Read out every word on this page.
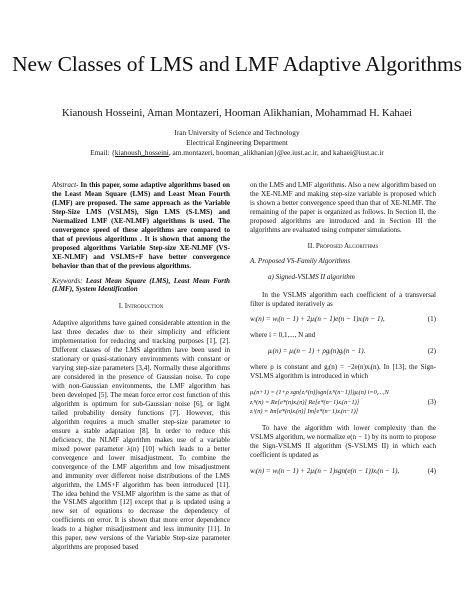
New Classes of LMS and LMF Adaptive Algorithms
Kianoush Hosseini, Aman Montazeri, Hooman Alikhanian, Mohammad H. Kahaei
Iran University of Science and Technology
Electrical Engineering Department
Email: {kianoush_hosseini, am.montazeri, hooman_alikhanian}@ee.iust.ac.ir, and kahaei@iust.ac.ir

Abstract- In this paper, some adaptive algorithms based on the Least Mean Square (LMS) and Least Mean Fourth (LMF) are proposed. The same approach as the Variable Step-Size LMS (VSLMS), Sign LMS (S-LMS) and Normalized LMF (XE-NLMF) algorithms is used. The convergence speed of these algorithms are compared to that of previous algorithms . It is shown that among the proposed algorithms Variable Step-size XE-NLMF (VS-XE-NLMF) and VSLMS+F have better convergence behavior than that of the previous algorithms.

Keywords: Least Mean Square (LMS), Least Mean Forth (LMF), System Identification

I. Introduction

Adaptive algorithms have gained considerable attention in the last three decades due to their simplicity and efficient implementation for reducing and tracking purposes [1], [2]. Different classes of the LMS algorithm have been used in stationary or quasi-stationary environments with constant or varying step-size parameters [3,4]. Normally these algorithms are considered in the presence of Gaussian noise. To cope with non-Gaussian environments, the LMF algorithm has been developed [5]. The mean force error cost function of this algorithm is optimum for sub-Gaussian noise [6], or light tailed probability density functions [7]. However, this algorithm requires a much smaller step-size parameter to ensure a stable adaptation [8]. In order to reduce this deficiency, the NLMF algorithm makes use of a variable mixed power parameter λ(n) [10] which leads to a better convergence and lower misadjustment. To combine the convergence of the LMF algorithm and low misadjustment and immunity over different noise distributions of the LMS algorithm, the LMS+F algorithm has been introduced [11]. The idea behind the VSLMF algorithm is the same as that of the VSLMS algorithm [12] except that μ is updated using a new set of equations to decrease the dependency of coefficients on error. It is shown that more error dependence leads to a higher misadjustment and less immunity [11]. In this paper, new versions of the Variable Step-size parameter algorithms are proposed based

on the LMS and LMF algorithms. Also a new algorithm based on the XE-NLMF and making step-size variable is proposed which is shown a better convergence speed than that of XE-NLMF. The remaining of the paper is organized as follows. In Section II, the proposed algorithms are introduced and in Section III the algorithms are evaluated using computer simulations.

II. Proposed Algorithms

A. Proposed VS-Family Algorithms

a) Signed-VSLMS II algorithm

In the VSLMS algorithm each coefficient of a transversal filter is updated iteratively as

wᵢ(n) = wᵢ(n − 1) + 2μᵢ(n − 1)e(n − 1)xᵢ(n − 1),	(1)

where i = 0,1,..., N and

μᵢ(n) = μᵢ(n − 1) + ρgᵢ(n)gᵢ(n − 1).	(2)

where ρ is constant and gᵢ(n) = −2e(n)xᵢ(n). In [13], the Sign-VSLMS algorithm is introduced in which

μᵢ(n+1) = (1+ρ sgn{zᵢᴿ(n)}sgn{zᵢᴿ(n−1)})μᵢ(n) i=0,...,N
zᵢᴿ(n) = Re[e*(n)xᵢ(n)] Re[e*(n−1)xᵢ(n−1)]
zᵢᴵ(n) = Im[e*(n)xᵢ(n)] Im[e*(n−1)xᵢ(n−1)]
(3)

To have the algorithm with lower complexity than the VSLMS algorithm, we normalize e(n − 1) by its norm to propose the Sign-VSLMS II algorithm (S-VSLMS II) in which each coefficient is updated as

wᵢ(n) = wᵢ(n − 1) + 2μᵢ(n − 1)sgn(e(n − 1))xᵢ(n − 1),	(4)
